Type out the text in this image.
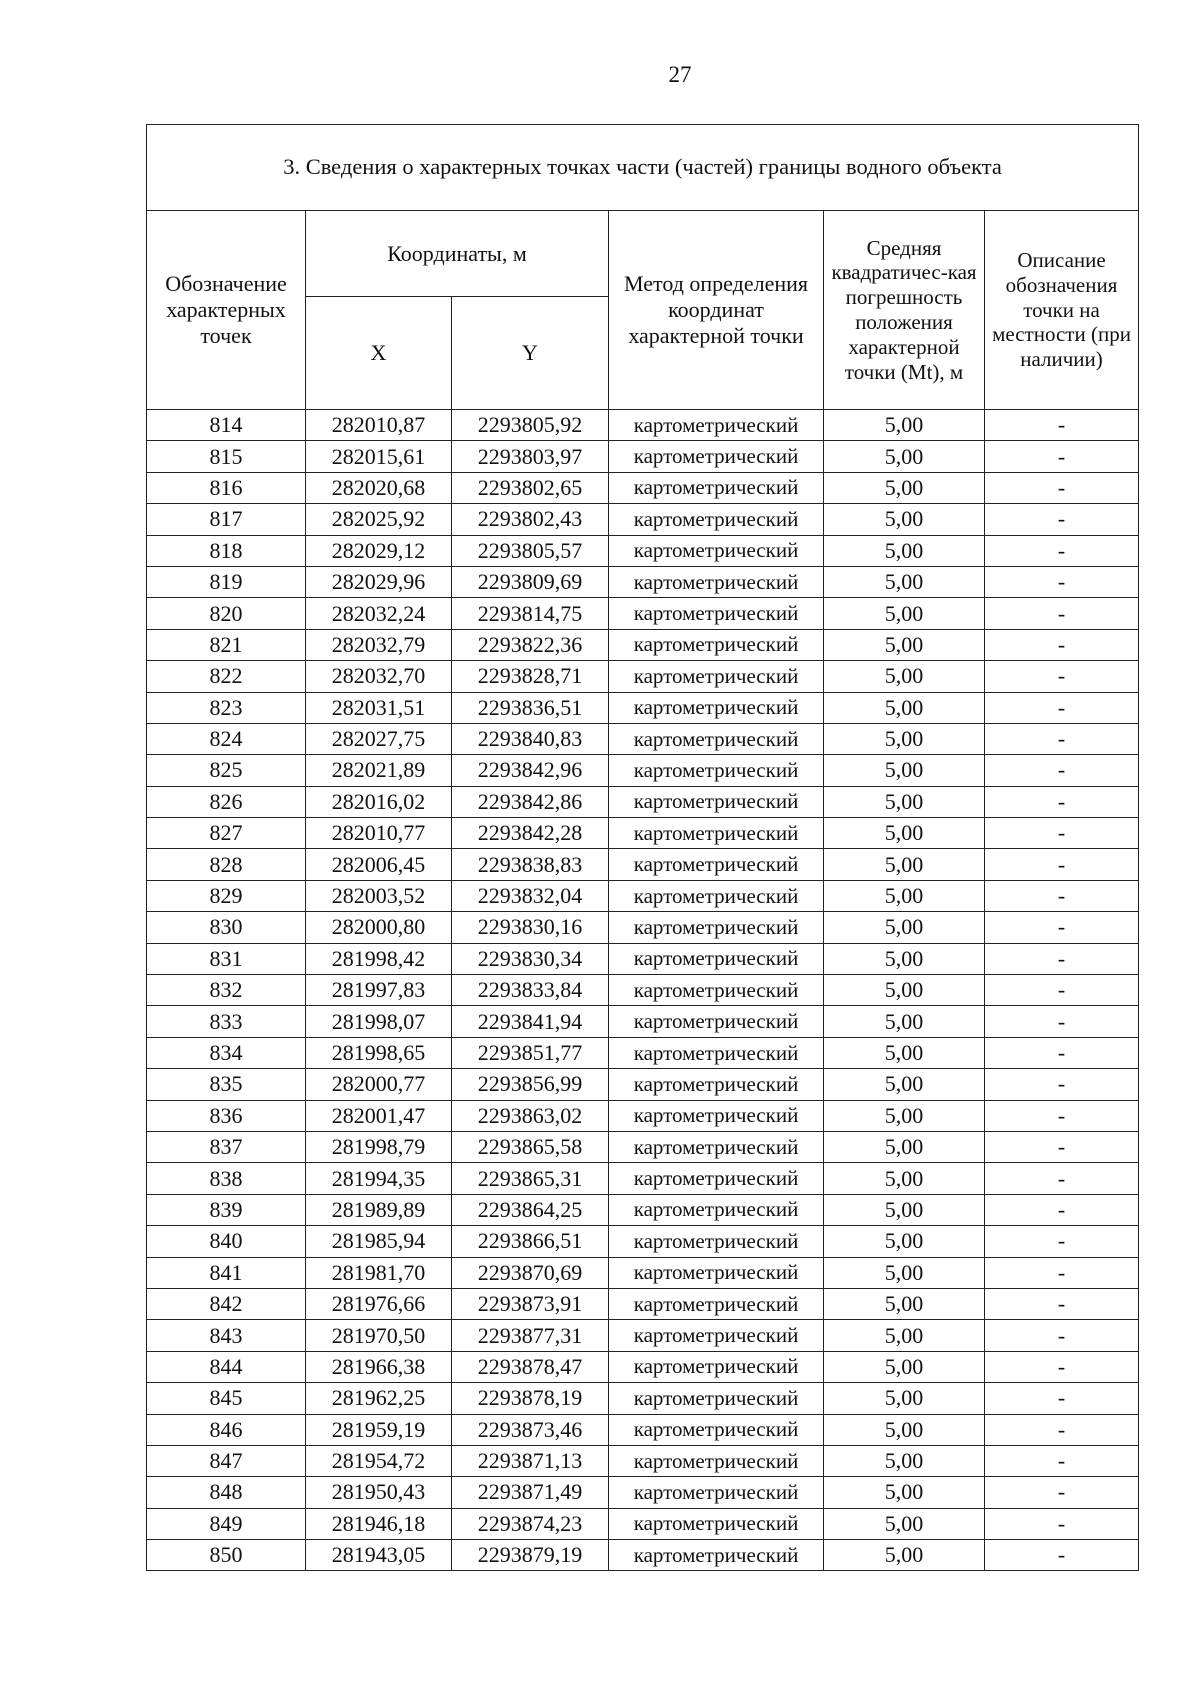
27
3. Сведения о характерных точках части (частей) границы водного объекта					
Обозначение характерных точек	Координаты, м		Метод определения координат характерной точки	Средняя квадратичес-кая погрешность положения характерной точки (Mt), м	Описание обозначения точки на местности (при наличии)
	X	Y			
814	282010,87	2293805,92	картометрический	5,00	-
815	282015,61	2293803,97	картометрический	5,00	-
816	282020,68	2293802,65	картометрический	5,00	-
817	282025,92	2293802,43	картометрический	5,00	-
818	282029,12	2293805,57	картометрический	5,00	-
819	282029,96	2293809,69	картометрический	5,00	-
820	282032,24	2293814,75	картометрический	5,00	-
821	282032,79	2293822,36	картометрический	5,00	-
822	282032,70	2293828,71	картометрический	5,00	-
823	282031,51	2293836,51	картометрический	5,00	-
824	282027,75	2293840,83	картометрический	5,00	-
825	282021,89	2293842,96	картометрический	5,00	-
826	282016,02	2293842,86	картометрический	5,00	-
827	282010,77	2293842,28	картометрический	5,00	-
828	282006,45	2293838,83	картометрический	5,00	-
829	282003,52	2293832,04	картометрический	5,00	-
830	282000,80	2293830,16	картометрический	5,00	-
831	281998,42	2293830,34	картометрический	5,00	-
832	281997,83	2293833,84	картометрический	5,00	-
833	281998,07	2293841,94	картометрический	5,00	-
834	281998,65	2293851,77	картометрический	5,00	-
835	282000,77	2293856,99	картометрический	5,00	-
836	282001,47	2293863,02	картометрический	5,00	-
837	281998,79	2293865,58	картометрический	5,00	-
838	281994,35	2293865,31	картометрический	5,00	-
839	281989,89	2293864,25	картометрический	5,00	-
840	281985,94	2293866,51	картометрический	5,00	-
841	281981,70	2293870,69	картометрический	5,00	-
842	281976,66	2293873,91	картометрический	5,00	-
843	281970,50	2293877,31	картометрический	5,00	-
844	281966,38	2293878,47	картометрический	5,00	-
845	281962,25	2293878,19	картометрический	5,00	-
846	281959,19	2293873,46	картометрический	5,00	-
847	281954,72	2293871,13	картометрический	5,00	-
848	281950,43	2293871,49	картометрический	5,00	-
849	281946,18	2293874,23	картометрический	5,00	-
850	281943,05	2293879,19	картометрический	5,00	-
